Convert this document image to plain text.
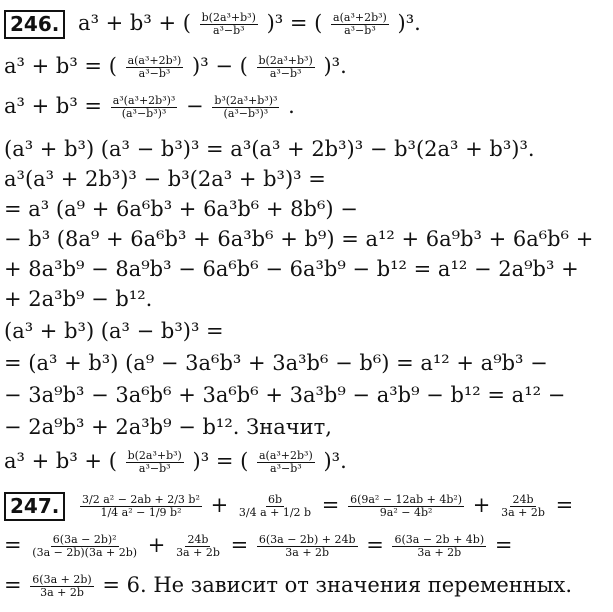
246. a³ + b³ + ( $\frac{\text{b(2a³+b³)}}{\text{a³−b³}} )^3$ = ( $\frac{\text{a(a³+2b³)}}{\text{a³−b³}} )^3$.
a³ + b³ = ( $\frac{\text{a(a³+2b³)}}{\text{a³−b³}} )^3$ − ( $\frac{\text{b(2a³+b³)}}{\text{a³−b³}} )^3$.
$a^3 + b^3 = \frac{\text{a³(a³+2b³)³}}{\text{(a³−b³)³}} - \frac{\text{b³(2a³+b³)³}}{\text{(a³−b³)³}}$ .
(a³ + b³) (a³ − b³)³ = a³(a³ + 2b³)³ − b³(2a³ + b³)³.
a³(a³ + 2b³)³ − b³(2a³ + b³)³ =
= a³ (a⁹ + 6a⁶b³ + 6a³b⁶ + 8b⁶) −
− b³ (8a⁹ + 6a⁶b³ + 6a³b⁶ + b⁹) = a¹² + 6a⁹b³ + 6a⁶b⁶ +
+ 8a³b⁹ − 8a⁹b³ − 6a⁶b⁶ − 6a³b⁹ − b¹² = a¹² − 2a⁹b³ +
+ 2a³b⁹ − b¹².
(a³ + b³) (a³ − b³)³ =
= (a³ + b³) (a⁹ − 3a⁶b³ + 3a³b⁶ − b⁶) = a¹² + a⁹b³ −
− 3a⁹b³ − 3a⁶b⁶ + 3a⁶b⁶ + 3a³b⁹ − a³b⁹ − b¹² = a¹² −
− 2a⁹b³ + 2a³b⁹ − b¹². Значит,
a³ + b³ + ( $\frac{\text{b(2a³+b³)}}{\text{a³−b³}} )^3$ = ( $\frac{\text{a(a³+2b³)}}{\text{a³−b³}} )^3$.
247. $\frac{\text{3/2 a² − 2ab + 2/3 b²}}{\text{1/4 a² − 1/9 b²}} + \frac{6b}{3/4 a + 1/2 b} = \frac{\text{6(9a² − 12ab + 4b²)}}{\text{9a² − 4b²}} + \frac{24b}{3a + 2b}$ =
= $\frac{\text{6(3a − 2b)²}}{(3a - 2b)(3a + 2b)} + \frac{24b}{3a + 2b} = \frac{6(3a - 2b) + 24b}{3a + 2b} = \frac{6(3a - 2b + 4b)}{3a + 2b}$ =
= $\frac{6(3a + 2b)}{3a + 2b} = 6$. Не зависит от значения переменных.
